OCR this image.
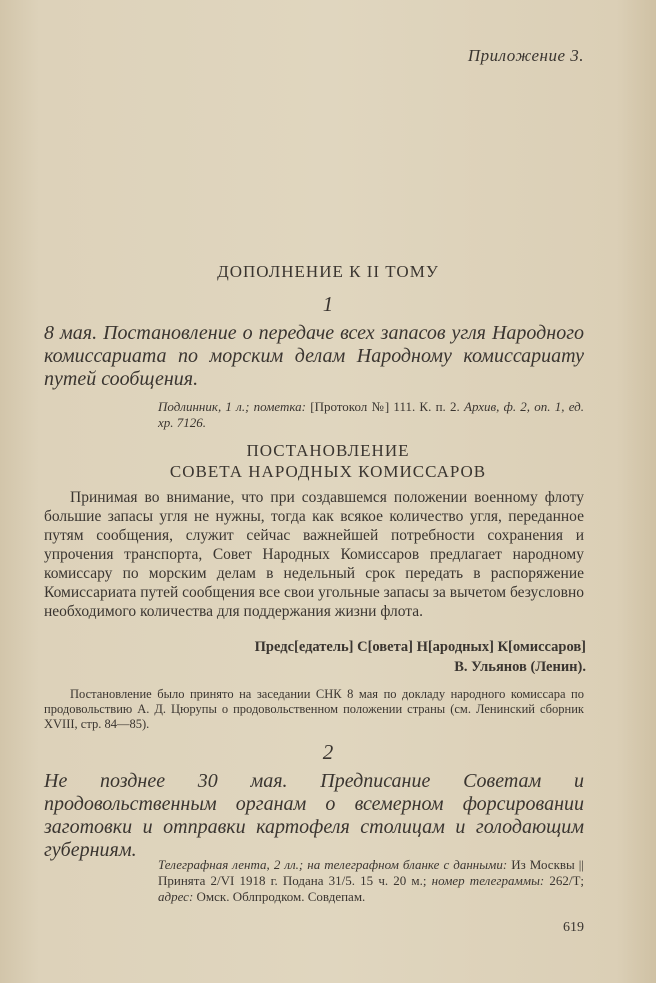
Приложение 3.
ДОПОЛНЕНИЕ К II ТОМУ
1
8 мая. Постановление о передаче всех запасов угля Народного комиссариата по морским делам Народному комиссариату путей сообщения.
Подлинник, 1 л.; пометка: [Протокол №] 111. К. п. 2. Архив, ф. 2, оп. 1, ед. хр. 7126.
ПОСТАНОВЛЕНИЕ
СОВЕТА НАРОДНЫХ КОМИССАРОВ
Принимая во внимание, что при создавшемся положении военному флоту большие запасы угля не нужны, тогда как всякое количество угля, переданное путям сообщения, служит сейчас важнейшей потребности сохранения и упрочения транспорта, Совет Народных Комиссаров предлагает народному комиссару по морским делам в недельный срок передать в распоряжение Комиссариата путей сообщения все свои угольные запасы за вычетом безусловно необходимого количества для поддержания жизни флота.
Предс[едатель] С[овета] Н[ародных] К[омиссаров]
В. Ульянов (Ленин).
Постановление было принято на заседании СНК 8 мая по докладу народного комиссара по продовольствию А. Д. Цюрупы о продовольственном положении страны (см. Ленинский сборник XVIII, стр. 84—85).
2
Не позднее 30 мая. Предписание Советам и продовольственным органам о всемерном форсировании заготовки и отправки картофеля столицам и голодающим губерниям.
Телеграфная лента, 2 лл.; на телеграфном бланке с данными: Из Москвы || Принята 2/VI 1918 г. Подана 31/5. 15 ч. 20 м.; номер телеграммы: 262/Т; адрес: Омск. Облпродком. Совдепам.
619
